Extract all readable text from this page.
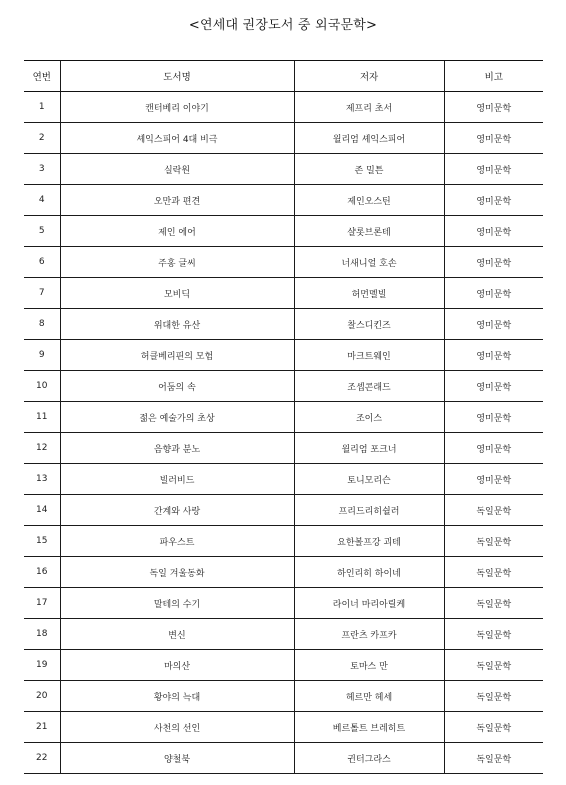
<연세대 권장도서 중 외국문학>
연번	도서명	저자	비고
1	캔터베리 이야기	제프리 초서	영미문학
2	셰익스피어 4대 비극	윌리엄 셰익스피어	영미문학
3	실락원	존 밀튼	영미문학
4	오만과 편견	제인오스틴	영미문학
5	제인 에어	샬롯브론테	영미문학
6	주홍 글씨	너새니얼 호손	영미문학
7	모비딕	허먼멜빌	영미문학
8	위대한 유산	찰스디킨즈	영미문학
9	허클베리핀의 모험	마크트웨인	영미문학
10	어둠의 속	조셉콘래드	영미문학
11	젊은 예술가의 초상	조이스	영미문학
12	음향과 분노	윌리엄 포크너	영미문학
13	빌러비드	토니모리슨	영미문학
14	간계와 사랑	프리드리히쉴러	독일문학
15	파우스트	요한볼프강 괴테	독일문학
16	독일 겨울동화	하인리히 하이네	독일문학
17	말테의 수기	라이너 마리아릴케	독일문학
18	변신	프란츠 카프카	독일문학
19	마의산	토마스 만	독일문학
20	황야의 늑대	헤르만 헤세	독일문학
21	사천의 선인	베르톨트 브레히트	독일문학
22	양철북	귄터그라스	독일문학
